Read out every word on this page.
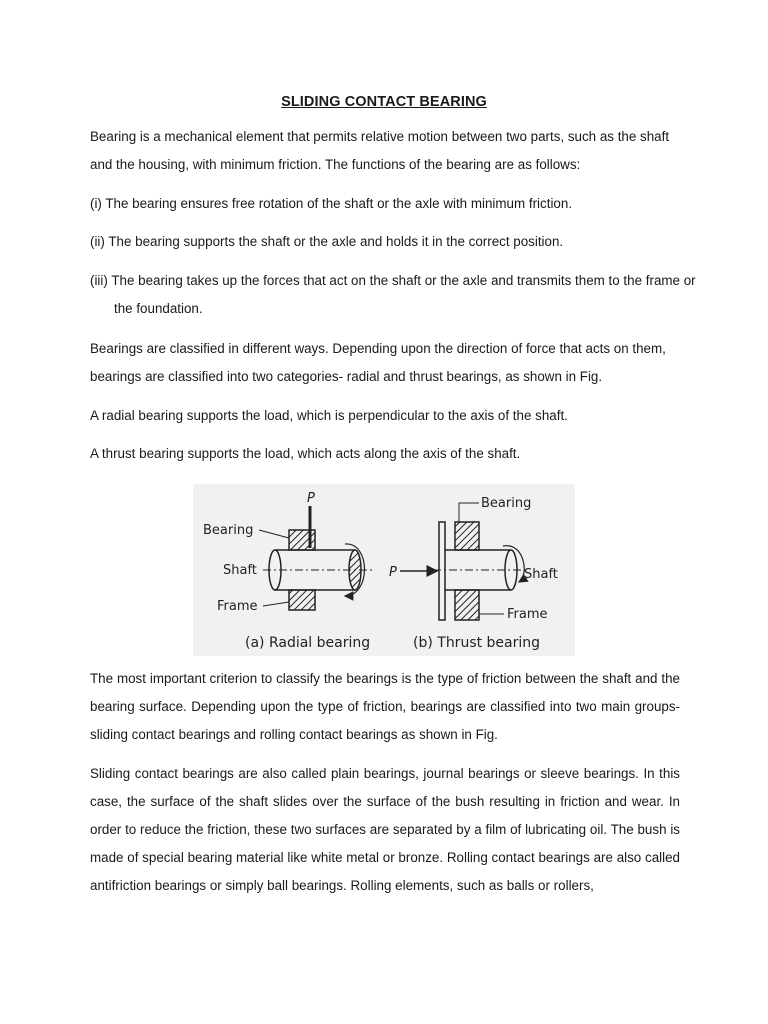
SLIDING CONTACT BEARING

Bearing is a mechanical element that permits relative motion between two parts, such as the shaft and the housing, with minimum friction. The functions of the bearing are as follows:

(i) The bearing ensures free rotation of the shaft or the axle with minimum friction.

(ii) The bearing supports the shaft or the axle and holds it in the correct position.

(iii) The bearing takes up the forces that act on the shaft or the axle and transmits them to the frame or the foundation.

Bearings are classified in different ways. Depending upon the direction of force that acts on them, bearings are classified into two categories- radial and thrust bearings, as shown in Fig.

A radial bearing supports the load, which is perpendicular to the axis of the shaft.

A thrust bearing supports the load, which acts along the axis of the shaft.

P
Bearing
Shaft
Frame
(a) Radial bearing
P
Bearing
Shaft
Frame
(b) Thrust bearing

The most important criterion to classify the bearings is the type of friction between the shaft and the bearing surface. Depending upon the type of friction, bearings are classified into two main groups-sliding contact bearings and rolling contact bearings as shown in Fig.

Sliding contact bearings are also called plain bearings, journal bearings or sleeve bearings. In this case, the surface of the shaft slides over the surface of the bush resulting in friction and wear. In order to reduce the friction, these two surfaces are separated by a film of lubricating oil. The bush is made of special bearing material like white metal or bronze. Rolling contact bearings are also called antifriction bearings or simply ball bearings. Rolling elements, such as balls or rollers,
